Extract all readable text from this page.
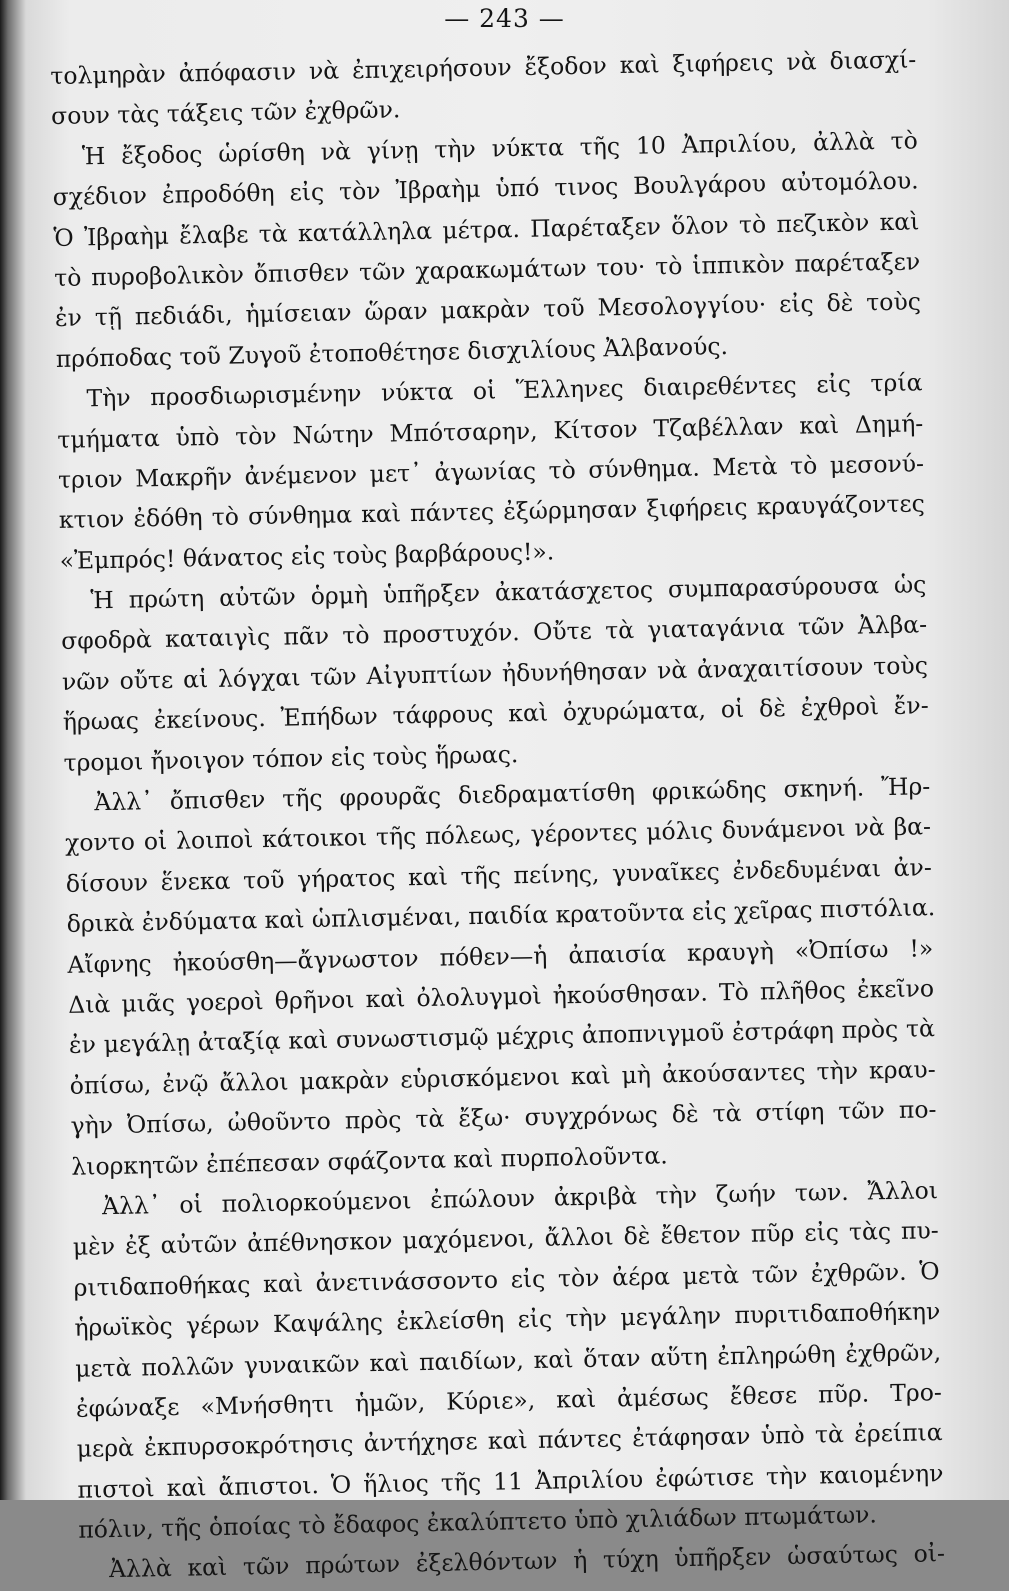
— 243 —
τολμηρὰν ἀπόφασιν νὰ ἐπιχειρήσουν ἔξοδον καὶ ξιφήρεις νὰ διασχί-
σουν τὰς τάξεις τῶν ἐχθρῶν.
Ἡ ἔξοδος ὡρίσθη νὰ γίνῃ τὴν νύκτα τῆς 10 Ἀπριλίου, ἀλλὰ τὸ
σχέδιον ἐπροδόθη εἰς τὸν Ἰβραὴμ ὑπό τινος Βουλγάρου αὐτομόλου.
Ὁ Ἰβραὴμ ἔλαβε τὰ κατάλληλα μέτρα. Παρέταξεν ὅλον τὸ πεζικὸν καὶ
τὸ πυροβολικὸν ὄπισθεν τῶν χαρακωμάτων του· τὸ ἱππικὸν παρέταξεν
ἐν τῇ πεδιάδι, ἡμίσειαν ὥραν μακρὰν τοῦ Μεσολογγίου· εἰς δὲ τοὺς
πρόποδας τοῦ Ζυγοῦ ἐτοποθέτησε δισχιλίους Ἀλβανούς.
Τὴν προσδιωρισμένην νύκτα οἱ Ἕλληνες διαιρεθέντες εἰς τρία
τμήματα ὑπὸ τὸν Νώτην Μπότσαρην, Κίτσον Τζαβέλλαν καὶ Δημή-
τριον Μακρῆν ἀνέμενον μετ᾽ ἀγωνίας τὸ σύνθημα. Μετὰ τὸ μεσονύ-
κτιον ἐδόθη τὸ σύνθημα καὶ πάντες ἐξώρμησαν ξιφήρεις κραυγάζοντες
«Ἐμπρός! θάνατος εἰς τοὺς βαρβάρους!».
Ἡ πρώτη αὐτῶν ὁρμὴ ὑπῆρξεν ἀκατάσχετος συμπαρασύρουσα ὡς
σφοδρὰ καταιγὶς πᾶν τὸ προστυχόν. Οὔτε τὰ γιαταγάνια τῶν Ἀλβα-
νῶν οὔτε αἱ λόγχαι τῶν Αἰγυπτίων ἠδυνήθησαν νὰ ἀναχαιτίσουν τοὺς
ἥρωας ἐκείνους. Ἐπήδων τάφρους καὶ ὀχυρώματα, οἱ δὲ ἐχθροὶ ἔν-
τρομοι ἤνοιγον τόπον εἰς τοὺς ἥρωας.
Ἀλλ᾽ ὄπισθεν τῆς φρουρᾶς διεδραματίσθη φρικώδης σκηνή. Ἤρ-
χοντο οἱ λοιποὶ κάτοικοι τῆς πόλεως, γέροντες μόλις δυνάμενοι νὰ βα-
δίσουν ἕνεκα τοῦ γήρατος καὶ τῆς πείνης, γυναῖκες ἐνδεδυμέναι ἀν-
δρικὰ ἐνδύματα καὶ ὡπλισμέναι, παιδία κρατοῦντα εἰς χεῖρας πιστόλια.
Αἴφνης ἠκούσθη—ἄγνωστον πόθεν—ἡ ἀπαισία κραυγὴ «Ὀπίσω !»
Διὰ μιᾶς γοεροὶ θρῆνοι καὶ ὀλολυγμοὶ ἠκούσθησαν. Τὸ πλῆθος ἐκεῖνο
ἐν μεγάλῃ ἀταξίᾳ καὶ συνωστισμῷ μέχρις ἀποπνιγμοῦ ἐστράφη πρὸς τὰ
ὀπίσω, ἐνῷ ἄλλοι μακρὰν εὑρισκόμενοι καὶ μὴ ἀκούσαντες τὴν κραυ-
γὴν Ὀπίσω, ὠθοῦντο πρὸς τὰ ἔξω· συγχρόνως δὲ τὰ στίφη τῶν πο-
λιορκητῶν ἐπέπεσαν σφάζοντα καὶ πυρπολοῦντα.
Ἀλλ᾽ οἱ πολιορκούμενοι ἐπώλουν ἀκριβὰ τὴν ζωήν των. Ἄλλοι
μὲν ἐξ αὐτῶν ἀπέθνησκον μαχόμενοι, ἄλλοι δὲ ἔθετον πῦρ εἰς τὰς πυ-
ριτιδαποθήκας καὶ ἀνετινάσσοντο εἰς τὸν ἀέρα μετὰ τῶν ἐχθρῶν. Ὁ
ἡρωϊκὸς γέρων Καψάλης ἐκλείσθη εἰς τὴν μεγάλην πυριτιδαποθήκην
μετὰ πολλῶν γυναικῶν καὶ παιδίων, καὶ ὅταν αὕτη ἐπληρώθη ἐχθρῶν,
ἐφώναξε «Μνήσθητι ἡμῶν, Κύριε», καὶ ἀμέσως ἔθεσε πῦρ. Τρο-
μερὰ ἐκπυρσοκρότησις ἀντήχησε καὶ πάντες ἐτάφησαν ὑπὸ τὰ ἐρείπια
πιστοὶ καὶ ἄπιστοι. Ὁ ἥλιος τῆς 11 Ἀπριλίου ἐφώτισε τὴν καιομένην
πόλιν, τῆς ὁποίας τὸ ἔδαφος ἐκαλύπτετο ὑπὸ χιλιάδων πτωμάτων.
Ἀλλὰ καὶ τῶν πρώτων ἐξελθόντων ἡ τύχη ὑπῆρξεν ὡσαύτως οἰ-
